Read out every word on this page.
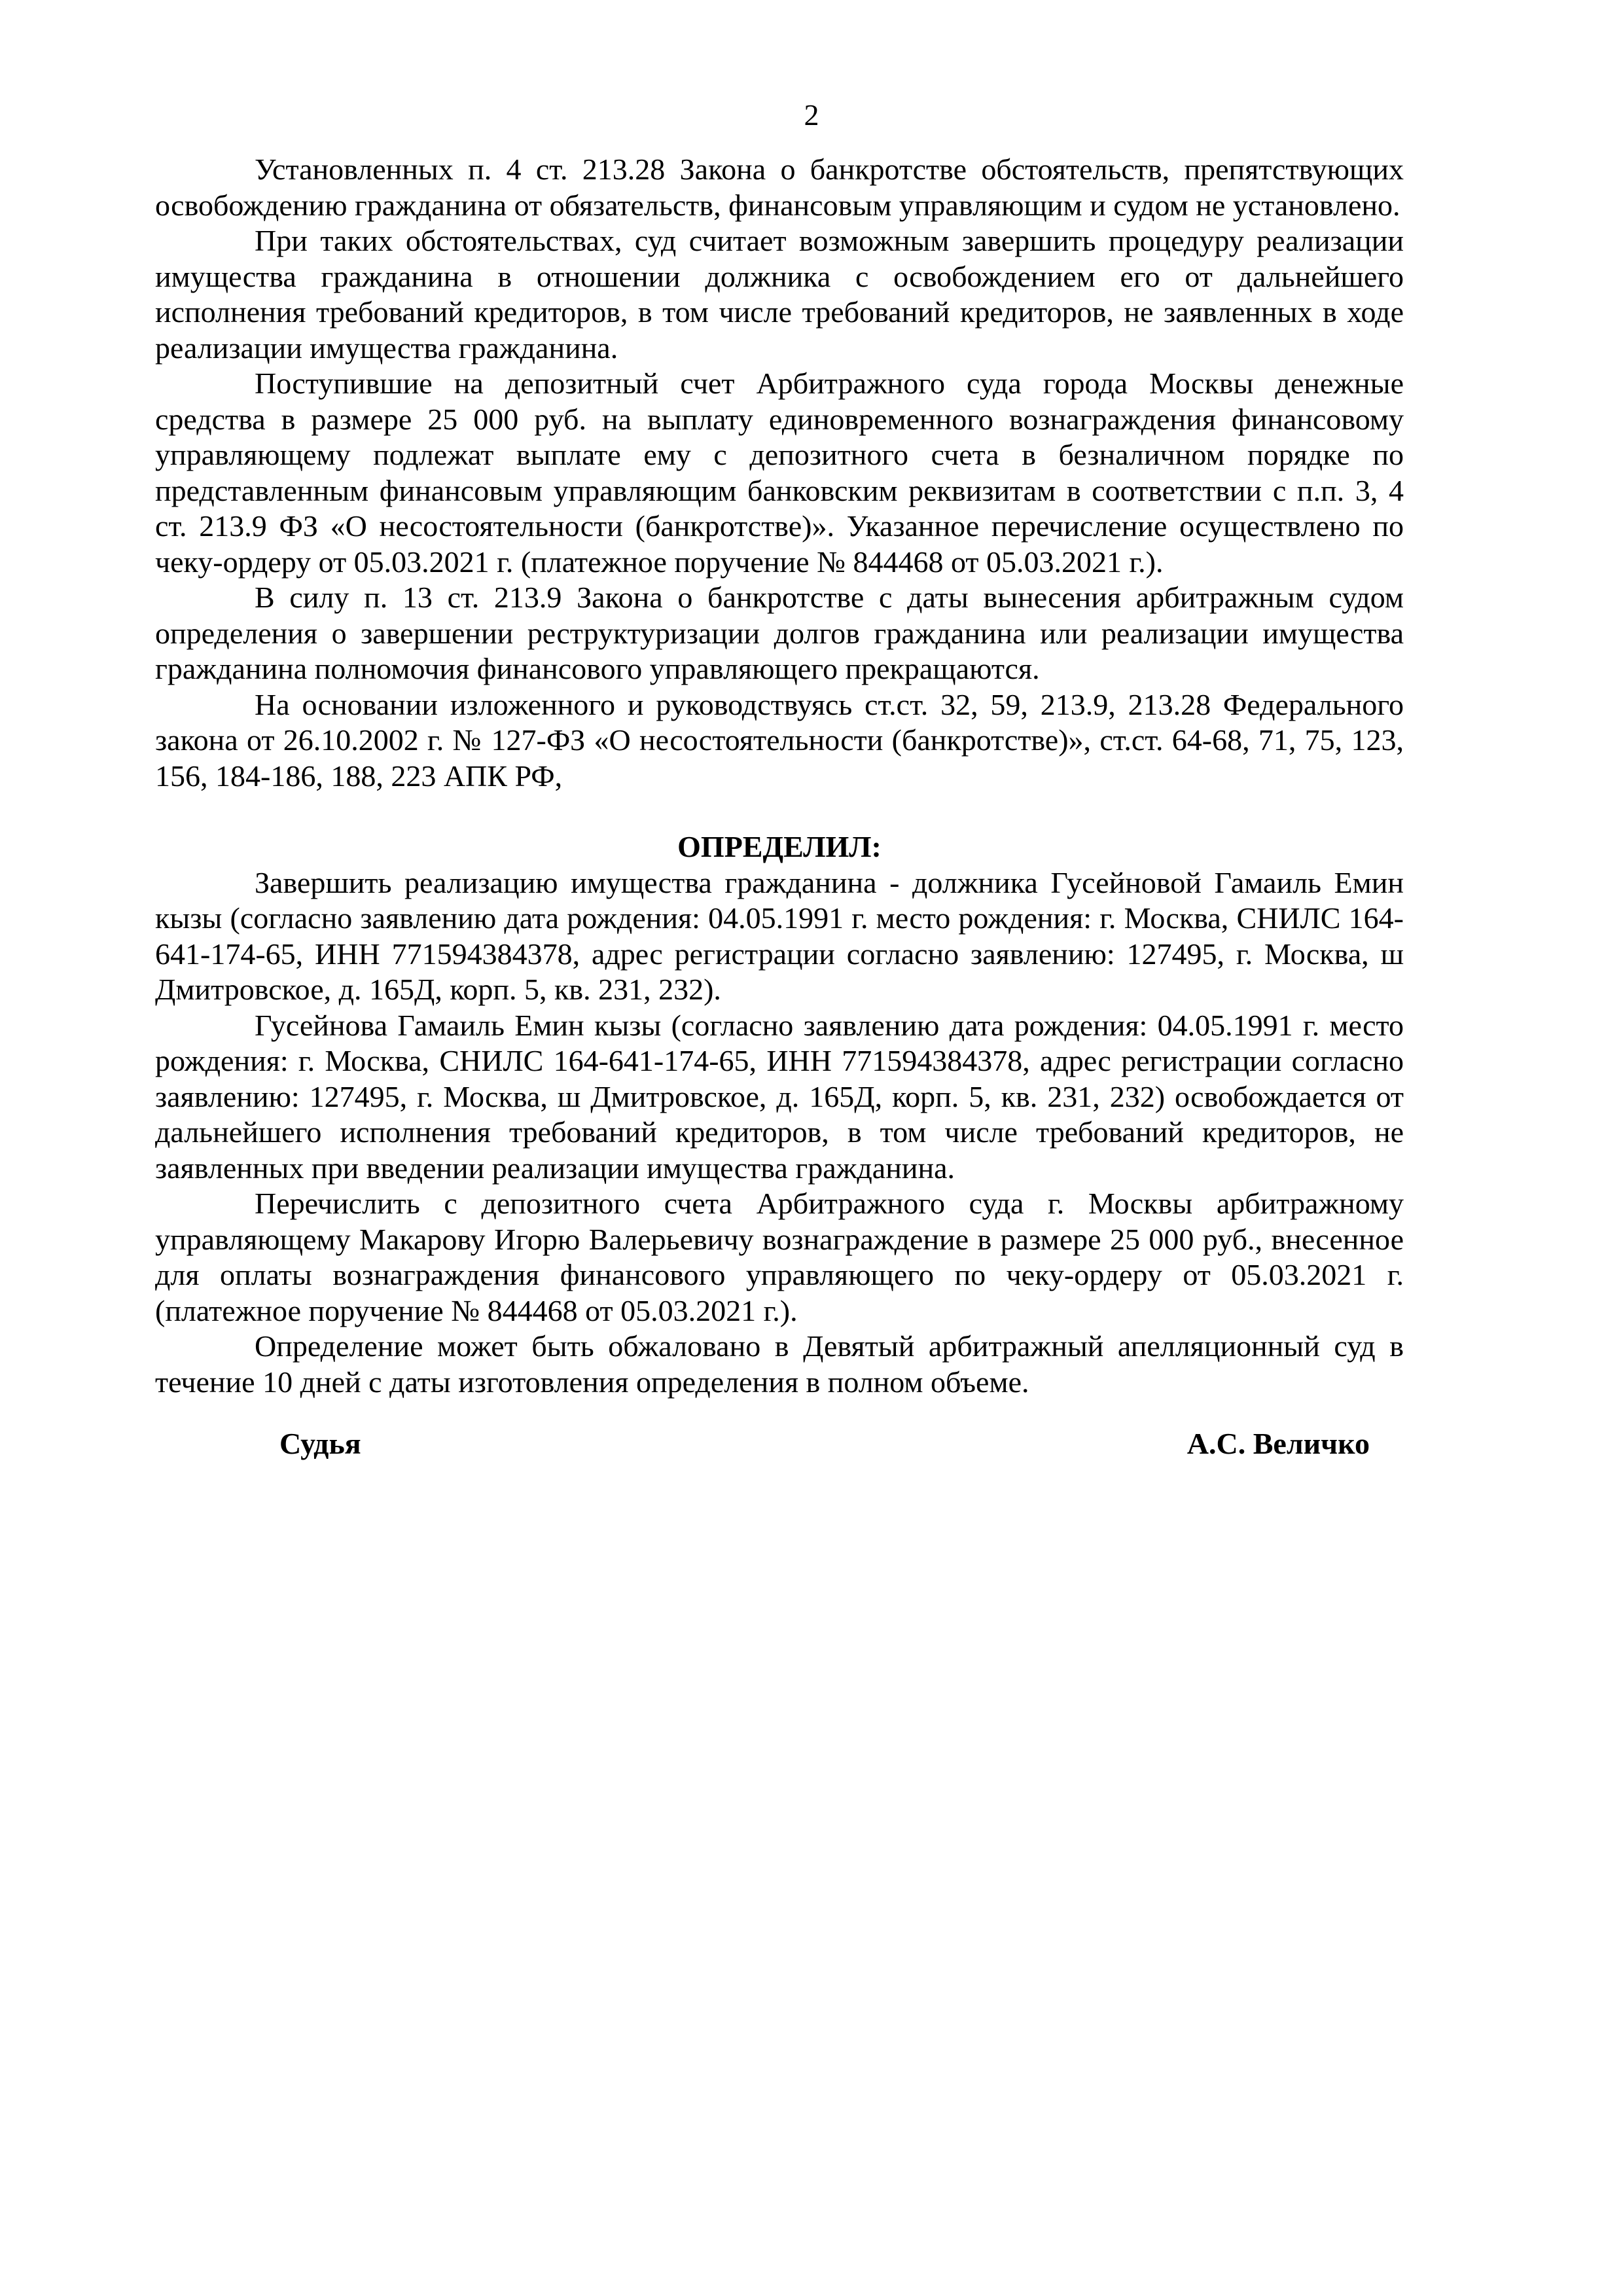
2

Установленных п. 4 ст. 213.28 Закона о банкротстве обстоятельств, препятствующих освобождению гражданина от обязательств, финансовым управляющим и судом не установлено.

При таких обстоятельствах, суд считает возможным завершить процедуру реализации имущества гражданина в отношении должника с освобождением его от дальнейшего исполнения требований кредиторов, в том числе требований кредиторов, не заявленных в ходе реализации имущества гражданина.

Поступившие на депозитный счет Арбитражного суда города Москвы денежные средства в размере 25 000 руб. на выплату единовременного вознаграждения финансовому управляющему подлежат выплате ему с депозитного счета в безналичном порядке по представленным финансовым управляющим банковским реквизитам в соответствии с п.п. 3, 4 ст. 213.9 ФЗ «О несостоятельности (банкротстве)». Указанное перечисление осуществлено по чеку-ордеру от 05.03.2021 г. (платежное поручение № 844468 от 05.03.2021 г.).

В силу п. 13 ст. 213.9 Закона о банкротстве с даты вынесения арбитражным судом определения о завершении реструктуризации долгов гражданина или реализации имущества гражданина полномочия финансового управляющего прекращаются.

На основании изложенного и руководствуясь ст.ст. 32, 59, 213.9, 213.28 Федерального закона от 26.10.2002 г. № 127-ФЗ «О несостоятельности (банкротстве)», ст.ст. 64-68, 71, 75, 123, 156, 184-186, 188, 223 АПК РФ,

ОПРЕДЕЛИЛ:

Завершить реализацию имущества гражданина - должника Гусейновой Гамаиль Емин кызы (согласно заявлению дата рождения: 04.05.1991 г. место рождения: г. Москва, СНИЛС 164-641-174-65, ИНН 771594384378, адрес регистрации согласно заявлению: 127495, г. Москва, ш Дмитровское, д. 165Д, корп. 5, кв. 231, 232).

Гусейнова Гамаиль Емин кызы (согласно заявлению дата рождения: 04.05.1991 г. место рождения: г. Москва, СНИЛС 164-641-174-65, ИНН 771594384378, адрес регистрации согласно заявлению: 127495, г. Москва, ш Дмитровское, д. 165Д, корп. 5, кв. 231, 232) освобождается от дальнейшего исполнения требований кредиторов, в том числе требований кредиторов, не заявленных при введении реализации имущества гражданина.

Перечислить с депозитного счета Арбитражного суда г. Москвы арбитражному управляющему Макарову Игорю Валерьевичу вознаграждение в размере 25 000 руб., внесенное для оплаты вознаграждения финансового управляющего по чеку-ордеру от 05.03.2021 г. (платежное поручение № 844468 от 05.03.2021 г.).

Определение может быть обжаловано в Девятый арбитражный апелляционный суд в течение 10 дней с даты изготовления определения в полном объеме.

Судья	А.С. Величко
